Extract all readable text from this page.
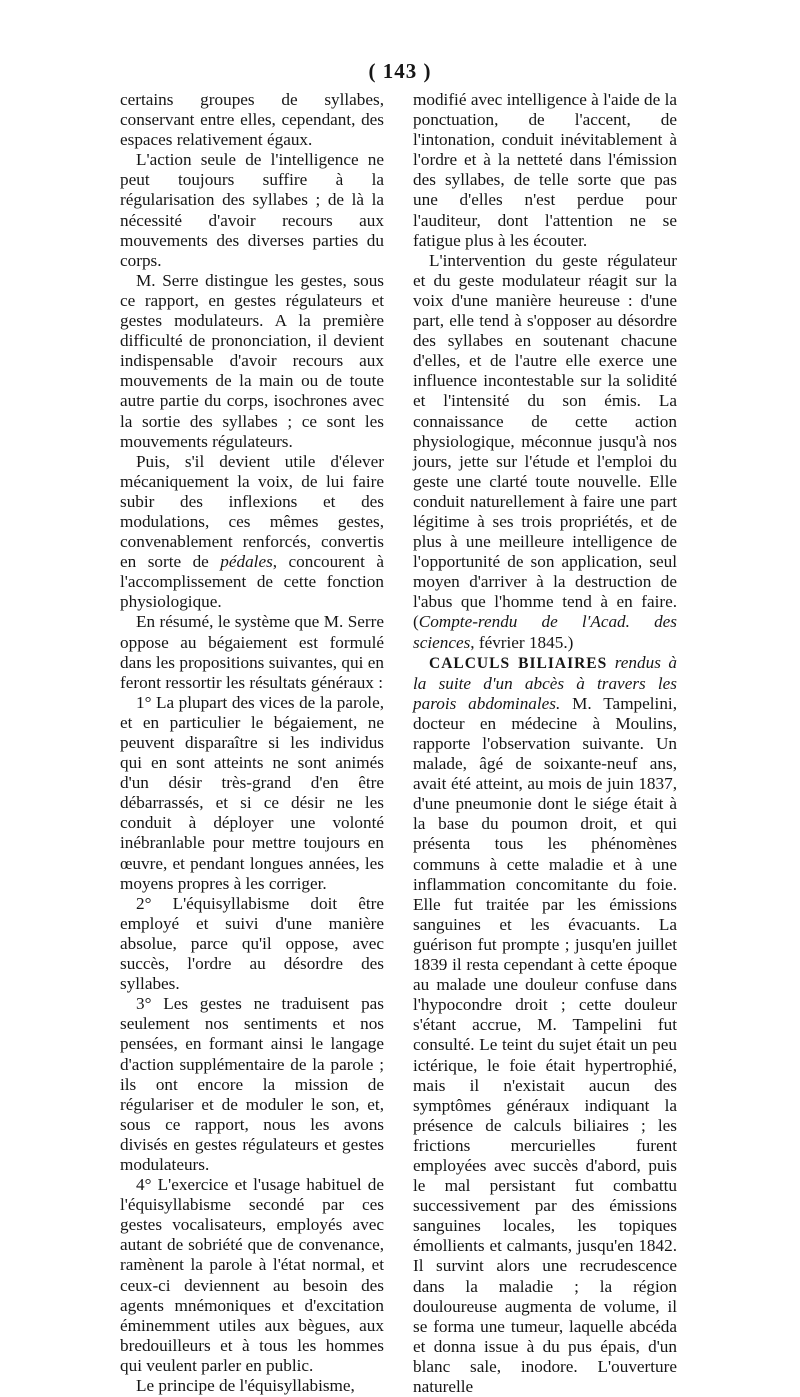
( 143 )

certains groupes de syllabes, conservant entre elles, cependant, des espaces relativement égaux.

L'action seule de l'intelligence ne peut toujours suffire à la régularisation des syllabes ; de là la nécessité d'avoir recours aux mouvements des diverses parties du corps.

M. Serre distingue les gestes, sous ce rapport, en gestes régulateurs et gestes modulateurs. A la première difficulté de prononciation, il devient indispensable d'avoir recours aux mouvements de la main ou de toute autre partie du corps, isochrones avec la sortie des syllabes ; ce sont les mouvements régulateurs.

Puis, s'il devient utile d'élever mécaniquement la voix, de lui faire subir des inflexions et des modulations, ces mêmes gestes, convenablement renforcés, convertis en sorte de pédales, concourent à l'accomplissement de cette fonction physiologique.

En résumé, le système que M. Serre oppose au bégaiement est formulé dans les propositions suivantes, qui en feront ressortir les résultats généraux :

1° La plupart des vices de la parole, et en particulier le bégaiement, ne peuvent disparaître si les individus qui en sont atteints ne sont animés d'un désir très-grand d'en être débarrassés, et si ce désir ne les conduit à déployer une volonté inébranlable pour mettre toujours en œuvre, et pendant longues années, les moyens propres à les corriger.

2° L'équisyllabisme doit être employé et suivi d'une manière absolue, parce qu'il oppose, avec succès, l'ordre au désordre des syllabes.

3° Les gestes ne traduisent pas seulement nos sentiments et nos pensées, en formant ainsi le langage d'action supplémentaire de la parole ; ils ont encore la mission de régulariser et de moduler le son, et, sous ce rapport, nous les avons divisés en gestes régulateurs et gestes modulateurs.

4° L'exercice et l'usage habituel de l'équisyllabisme secondé par ces gestes vocalisateurs, employés avec autant de sobriété que de convenance, ramènent la parole à l'état normal, et ceux-ci deviennent au besoin des agents mnémoniques et d'excitation éminemment utiles aux bègues, aux bredouilleurs et à tous les hommes qui veulent parler en public.

Le principe de l'équisyllabisme,

modifié avec intelligence à l'aide de la ponctuation, de l'accent, de l'intonation, conduit inévitablement à l'ordre et à la netteté dans l'émission des syllabes, de telle sorte que pas une d'elles n'est perdue pour l'auditeur, dont l'attention ne se fatigue plus à les écouter.

L'intervention du geste régulateur et du geste modulateur réagit sur la voix d'une manière heureuse : d'une part, elle tend à s'opposer au désordre des syllabes en soutenant chacune d'elles, et de l'autre elle exerce une influence incontestable sur la solidité et l'intensité du son émis. La connaissance de cette action physiologique, méconnue jusqu'à nos jours, jette sur l'étude et l'emploi du geste une clarté toute nouvelle. Elle conduit naturellement à faire une part légitime à ses trois propriétés, et de plus à une meilleure intelligence de l'opportunité de son application, seul moyen d'arriver à la destruction de l'abus que l'homme tend à en faire. (Compte-rendu de l'Acad. des sciences, février 1845.)

CALCULS BILIAIRES rendus à la suite d'un abcès à travers les parois abdominales. M. Tampelini, docteur en médecine à Moulins, rapporte l'observation suivante. Un malade, âgé de soixante-neuf ans, avait été atteint, au mois de juin 1837, d'une pneumonie dont le siége était à la base du poumon droit, et qui présenta tous les phénomènes communs à cette maladie et à une inflammation concomitante du foie. Elle fut traitée par les émissions sanguines et les évacuants. La guérison fut prompte ; jusqu'en juillet 1839 il resta cependant à cette époque au malade une douleur confuse dans l'hypocondre droit ; cette douleur s'étant accrue, M. Tampelini fut consulté. Le teint du sujet était un peu ictérique, le foie était hypertrophié, mais il n'existait aucun des symptômes généraux indiquant la présence de calculs biliaires ; les frictions mercurielles furent employées avec succès d'abord, puis le mal persistant fut combattu successivement par des émissions sanguines locales, les topiques émollients et calmants, jusqu'en 1842. Il survint alors une recrudescence dans la maladie ; la région douloureuse augmenta de volume, il se forma une tumeur, laquelle abcéda et donna issue à du pus épais, d'un blanc sale, inodore. L'ouverture naturelle
